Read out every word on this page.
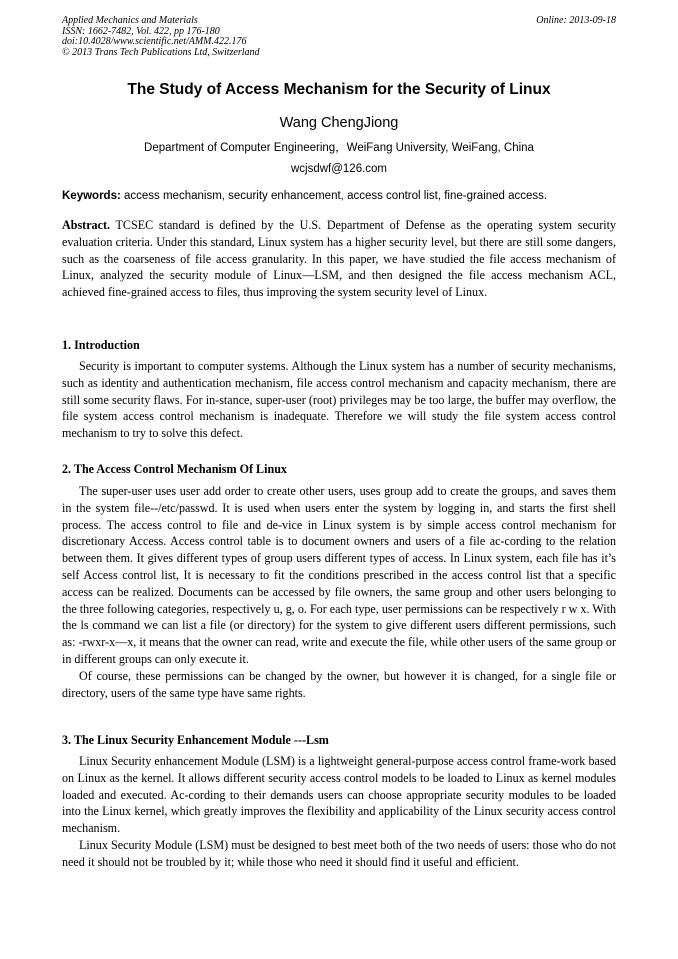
Applied Mechanics and Materials
ISSN: 1662-7482, Vol. 422, pp 176-180
doi:10.4028/www.scientific.net/AMM.422.176
© 2013 Trans Tech Publications Ltd, Switzerland
Online: 2013-09-18
The Study of Access Mechanism for the Security of Linux
Wang ChengJiong
Department of Computer Engineering，WeiFang University, WeiFang, China
wcjsdwf@126.com
Keywords: access mechanism, security enhancement, access control list, fine-grained access.

Abstract. TCSEC standard is defined by the U.S. Department of Defense as the operating system security evaluation criteria. Under this standard, Linux system has a higher security level, but there are still some dangers, such as the coarseness of file access granularity. In this paper, we have studied the file access mechanism of Linux, analyzed the security module of Linux—LSM, and then designed the file access mechanism ACL, achieved fine-grained access to files, thus improving the system security level of Linux.

1. Introduction

Security is important to computer systems. Although the Linux system has a number of security mechanisms, such as identity and authentication mechanism, file access control mechanism and capacity mechanism, there are still some security flaws. For in-stance, super-user (root) privileges may be too large, the buffer may overflow, the file system access control mechanism is inadequate. Therefore we will study the file system access control mechanism to try to solve this defect.

2. The Access Control Mechanism Of Linux

The super-user uses user add order to create other users, uses group add to create the groups, and saves them in the system file--/etc/passwd. It is used when users enter the system by logging in, and starts the first shell process. The access control to file and de-vice in Linux system is by simple access control mechanism for discretionary Access. Access control table is to document owners and users of a file ac-cording to the relation between them. It gives different types of group users different types of access. In Linux system, each file has it’s self Access control list, It is necessary to fit the conditions prescribed in the access control list that a specific access can be realized. Documents can be accessed by file owners, the same group and other users belonging to the three following categories, respectively u, g, o. For each type, user permissions can be respectively r w x. With the ls command we can list a file (or directory) for the system to give different users different permissions, such as: -rwxr-x—x, it means that the owner can read, write and execute the file, while other users of the same group or in different groups can only execute it.

Of course, these permissions can be changed by the owner, but however it is changed, for a single file or directory, users of the same type have same rights.

3. The Linux Security Enhancement Module ---Lsm

Linux Security enhancement Module (LSM) is a lightweight general-purpose access control frame-work based on Linux as the kernel. It allows different security access control models to be loaded to Linux as kernel modules loaded and executed. Ac-cording to their demands users can choose appropriate security modules to be loaded into the Linux kernel, which greatly improves the flexibility and applicability of the Linux security access control mechanism.

Linux Security Module (LSM) must be designed to best meet both of the two needs of users: those who do not need it should not be troubled by it; while those who need it should find it useful and efficient.
